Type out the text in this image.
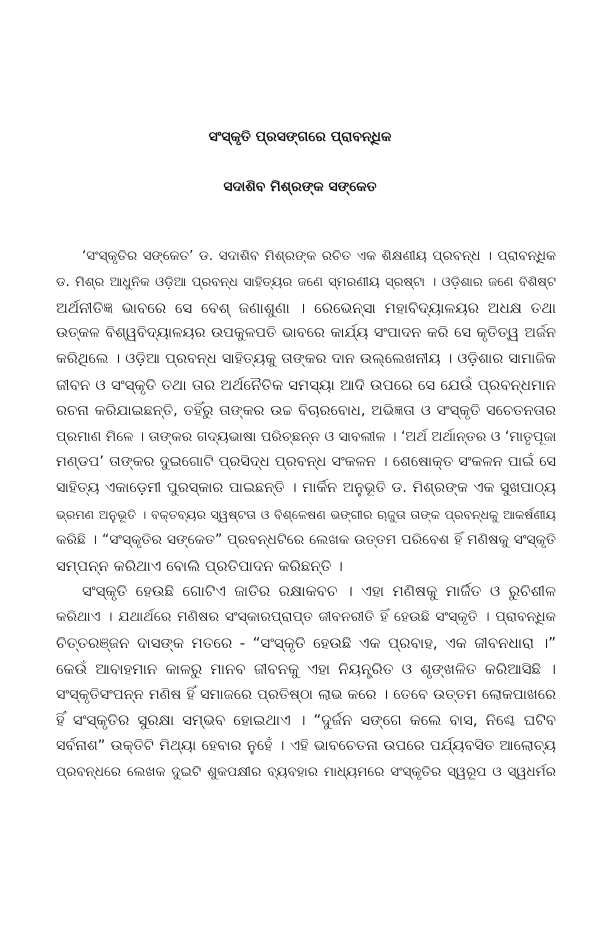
ସଂସ୍କୃତି ପ୍ରସଙ୍ଗରେ ପ୍ରାବନ୍ଧିକ
ସଦାଶିବ ମିଶ୍ରଙ୍କ ସଙ୍କେତ
‘ସଂସ୍କୃତିର ସଙ୍କେତ’ ଡ. ସଦାଶିବ ମିଶ୍ରଙ୍କ ରଚିତ ଏକ ଶିକ୍ଷଣୀୟ ପ୍ରବନ୍ଧ । ପ୍ରାବନ୍ଧିକ
ଡ. ମିଶ୍ର ଆଧୁନିକ ଓଡ଼ିଆ ପ୍ରବନ୍ଧ ସାହିତ୍ୟର ଜଣେ ସ୍ମରଣୀୟ ସ୍ରଷ୍ଟା । ଓଡ଼ିଶାର ଜଣେ ବିଶିଷ୍ଟ
ଅର୍ଥନୀତିଜ୍ଞ ଭାବରେ ସେ ବେଶ୍ ଜଣାଶୁଣା । ରେଭେନ୍‌ସା ମହାବିଦ୍ୟାଳୟର ଅଧକ୍ଷ ତଥା
ଉତ୍କଳ ବିଶ୍ୱବିଦ୍ୟାଳୟର ଉପକୁଳପତି ଭାବରେ କାର୍ଯ୍ୟ ସଂପାଦନ କରି ସେ କୃତିତ୍ୱ ଅର୍ଜନ
କରିଥିଲେ । ଓଡ଼ିଆ ପ୍ରବନ୍ଧ ସାହିତ୍ୟକୁ ତାଙ୍କର ଦାନ ଉଲ୍ଲେଖନୀୟ । ଓଡ଼ିଶାର ସାମାଜିକ
ଜୀବନ ଓ ସଂସ୍କୃତି ତଥା ତାର ଅର୍ଥନୈତିକ ସମସ୍ୟା ଆଦି ଉପରେ ସେ ଯେଉଁ ପ୍ରବନ୍ଧମାନ
ରଚନା କରିଯାଇଛନ୍ତି, ତହିଁରୁ ତାଙ୍କର ଉଚ୍ଚ ବିଚାରବୋଧ, ଅଭିଜ୍ଞତା ଓ ସଂସ୍କୃତି ସଚେତନତାର
ପ୍ରମାଣ ମିଳେ । ତାଙ୍କର ଗଦ୍ୟଭାଷା ପରିଚ୍ଛନ୍ନ ଓ ସାବଲୀଳ । ‘ଅର୍ଥ ଅର୍ଥାନ୍ତର ଓ ‘ମାତୃପୂଜା
ମଣ୍ଡପ’ ତାଙ୍କର ଦୁଇଗୋଟି ପ୍ରସିଦ୍ଧ ପ୍ରବନ୍ଧ ସଂକଳନ । ଶେଷୋକ୍ତ ସଂକଳନ ପାଇଁ ସେ
ସାହିତ୍ୟ ଏକାଡ଼େମୀ ପୁରସ୍କାର ପାଇଛନ୍ତି । ମାର୍କିନ ଅନୁଭୂତି ଡ. ମିଶ୍ରଙ୍କ ଏକ ସୁଖପାଠ୍ୟ
ଭ୍ରମଣ ଅନୁଭୂତି । ବକ୍ତବ୍ୟର ସ୍ୱଷ୍ଟତା ଓ ବିଶ୍ଳେଷଣ ଭଙ୍ଗୀର ଋଜୁତା ତାଙ୍କ ପ୍ରବନ୍ଧକୁ ଆକର୍ଷଣୀୟ
କରିଛି । “ସଂସ୍କୃତିର ସଙ୍କେତ” ପ୍ରବନ୍ଧଟିରେ ଲେଖକ ଉତ୍ତମ ପରିବେଶ ହିଁ ମଣିଷକୁ ସଂସ୍କୃତି
ସମ୍ପନ୍ନ କରିଥାଏ ବୋଲି ପ୍ରତିପାଦନ କରିଛନ୍ତି ।
ସଂସ୍କୃତି ହେଉଛି ଗୋଟିଏ ଜାତିର ରକ୍ଷାକବଚ । ଏହା ମଣିଷକୁ ମାର୍ଜିତ ଓ ରୁଚିଶୀଳ
କରିଥାଏ । ଯଥାର୍ଥରେ ମଣିଷର ସଂସ୍କାରପ୍ରାପ୍ତ ଜୀବନରୀତି ହିଁ ହେଉଛି ସଂସ୍କୃତି । ପ୍ରାବନ୍ଧିକ
ଚିତ୍ତରଞ୍ଜନ ଦାସଙ୍କ ମତରେ - “ସଂସ୍କୃତି ହେଉଛି ଏକ ପ୍ରବାହ, ଏକ ଜୀବନଧାରା ।”
କେଉଁ ଆବାହମାନ କାଳରୁ ମାନବ ଜୀବନକୁ ଏହା ନିୟନ୍ତ୍ରିତ ଓ ଶୃଙ୍ଖଳିତ କରିଆସିଛି ।
ସଂସ୍କୃତିସଂପନ୍ନ ମଣିଷ ହିଁ ସମାଜରେ ପ୍ରତିଷ୍ଠା ଲାଭ କରେ । ତେବେ ଉତ୍ତମ ଲୋକପାଖରେ
ହିଁ ସଂସ୍କୃତିର ସୁରକ୍ଷା ସମ୍ଭବ ହୋଇଥାଏ । “ଦୁର୍ଜନ ସଙ୍ଗେ କଲେ ବାସ, ନିଶ୍ଚେ ଘଟିବ
ସର୍ବନାଶ” ଉକ୍ତିଟି ମିଥ୍ୟା ହେବାର ନୁହେଁ । ଏହି ଭାବଚେତନା ଉପରେ ପର୍ଯ୍ୟବସିତ ଆଲୋଚ୍ୟ
ପ୍ରବନ୍ଧରେ ଲେଖକ ଦୁଇଟି ଶୁକପକ୍ଷୀର ବ୍ୟବହାର ମାଧ୍ୟମରେ ସଂସ୍କୃତିର ସ୍ୱରୂପ ଓ ସ୍ୱଧର୍ମର
